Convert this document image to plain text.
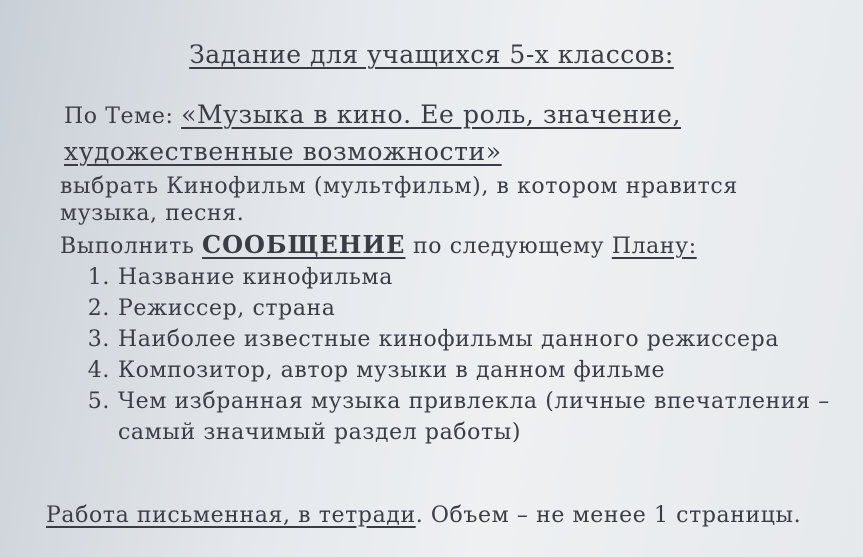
Задание для учащихся 5-х классов:
По Теме: «Музыка в кино. Ее роль, значение,
художественные возможности»
выбрать Кинофильм (мультфильм), в котором нравится
музыка, песня.
Выполнить СООБЩЕНИЕ по следующему Плану:
1. Название кинофильма
2. Режиссер, страна
3. Наиболее известные кинофильмы данного режиссера
4. Композитор, автор музыки в данном фильме
5. Чем избранная музыка привлекла (личные впечатления –
самый значимый раздел работы)
Работа письменная, в тетради. Объем – не менее 1 страницы.
